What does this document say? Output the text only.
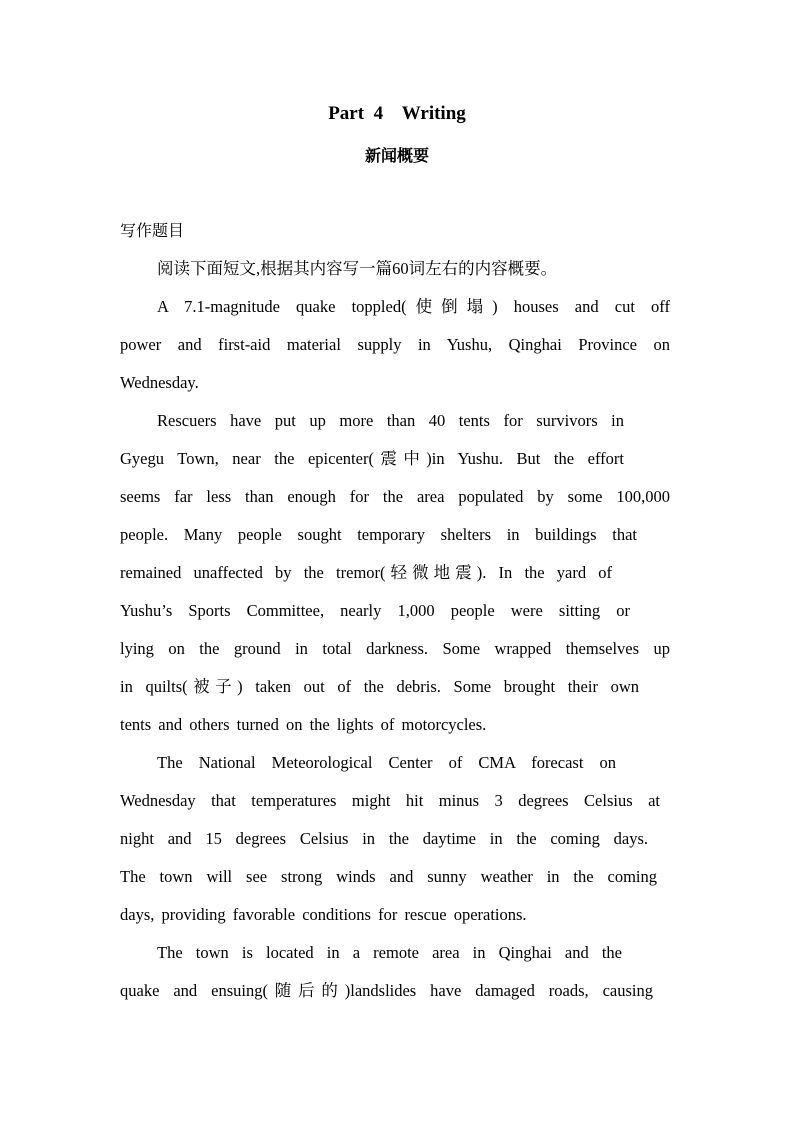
Part  4    Writing
新闻概要
写作题目
阅读下面短文,根据其内容写一篇60词左右的内容概要。
A 7.1-magnitude quake toppled(使倒塌) houses and cut off
power and first-aid material supply in Yushu, Qinghai Province on
Wednesday.
Rescuers have put up more than 40 tents for survivors in
Gyegu Town, near the epicenter(震中)in Yushu. But the effort
seems far less than enough for the area populated by some 100,000
people. Many people sought temporary shelters in buildings that
remained unaffected by the tremor(轻微地震). In the yard of
Yushu’s Sports Committee, nearly 1,000 people were sitting or
lying on the ground in total darkness. Some wrapped themselves up
in quilts(被子) taken out of the debris. Some brought their own
tents and others turned on the lights of motorcycles.
The National Meteorological Center of CMA forecast on
Wednesday that temperatures might hit minus 3 degrees Celsius at
night and 15 degrees Celsius in the daytime in the coming days.
The town will see strong winds and sunny weather in the coming
days, providing favorable conditions for rescue operations.
The town is located in a remote area in Qinghai and the
quake and ensuing(随后的)landslides have damaged roads, causing
